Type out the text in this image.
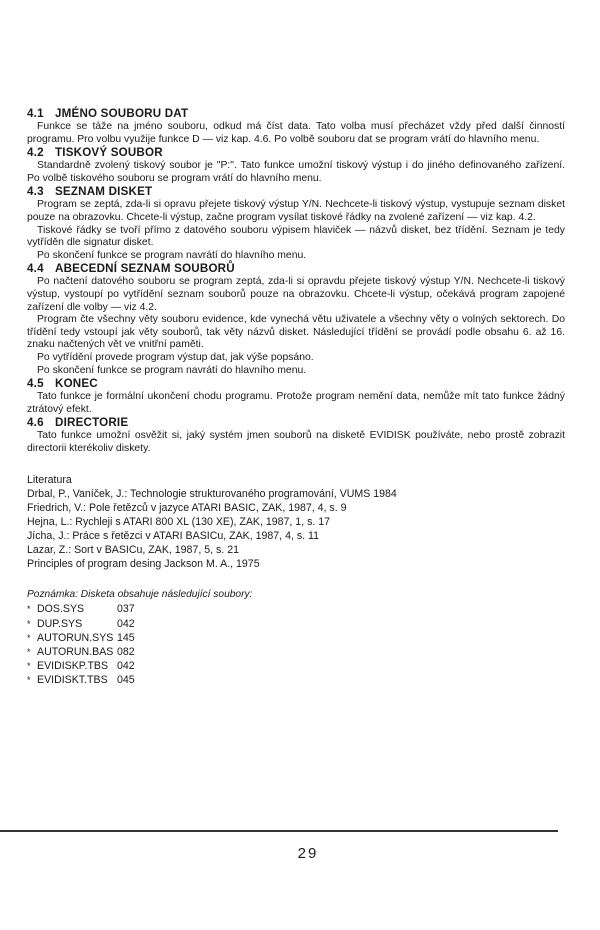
4.1 JMÉNO SOUBORU DAT

Funkce se táže na jméno souboru, odkud má číst data. Tato volba musí přecházet vždy před další činností programu. Pro volbu využije funkce D — viz kap. 4.6. Po volbě souboru dat se program vrátí do hlavního menu.

4.2 TISKOVÝ SOUBOR

Standardně zvolený tiskový soubor je "P:". Tato funkce umožní tiskový výstup i do jiného definovaného zařízení. Po volbě tiskového souboru se program vrátí do hlavního menu.

4.3 SEZNAM DISKET

Program se zeptá, zda-li si opravu přejete tiskový výstup Y/N. Nechcete-li tiskový výstup, vystupuje seznam disket pouze na obrazovku. Chcete-li výstup, začne program vysílat tiskové řádky na zvolené zařízení — viz kap. 4.2.

Tiskové řádky se tvoří přímo z datového souboru výpisem hlaviček — názvů disket, bez třídění. Seznam je tedy vytříděn dle signatur disket.

Po skončení funkce se program navrátí do hlavního menu.

4.4 ABECEDNÍ SEZNAM SOUBORŮ

Po načtení datového souboru se program zeptá, zda-li si opravdu přejete tiskový výstup Y/N. Nechcete-li tiskový výstup, vystoupí po vytřídění seznam souborů pouze na obrazovku. Chcete-li výstup, očekává program zapojené zařízení dle volby — viz 4.2.

Program čte všechny věty souboru evidence, kde vynechá větu uživatele a všechny věty o volných sektorech. Do třídění tedy vstoupí jak věty souborů, tak věty názvů disket. Následující třídění se provádí podle obsahu 6. až 16. znaku načtených vět ve vnitřní paměti.

Po vytřídění provede program výstup dat, jak výše popsáno.

Po skončení funkce se program navrátí do hlavního menu.

4.5 KONEC

Tato funkce je formální ukončení chodu programu. Protože program nemění data, nemůže mít tato funkce žádný ztrátový efekt.

4.6 DIRECTORIE

Tato funkce umožní osvěžit si, jaký systém jmen souborů na disketě EVIDISK používáte, nebo prostě zobrazit directorii kterékoliv diskety.

Literatura
Drbal, P., Vaníček, J.: Technologie strukturovaného programování, VUMS 1984
Friedrich, V.: Pole řetězců v jazyce ATARI BASIC, ZAK, 1987, 4, s. 9
Hejna, L.: Rychleji s ATARI 800 XL (130 XE), ZAK, 1987, 1, s. 17
Jícha, J.: Práce s řetězci v ATARI BASICu, ZAK, 1987, 4, s. 11
Lazar, Z.: Sort v BASICu, ZAK, 1987, 5, s. 21
Principles of program desing Jackson M. A., 1975
Poznámka: Disketa obsahuje následující soubory:
* DOS.SYS	037
* DUP.SYS	042
* AUTORUN.SYS 145
* AUTORUN.BAS 082
* EVIDISKP.TBS 042
* EVIDISKT.TBS 045
29
